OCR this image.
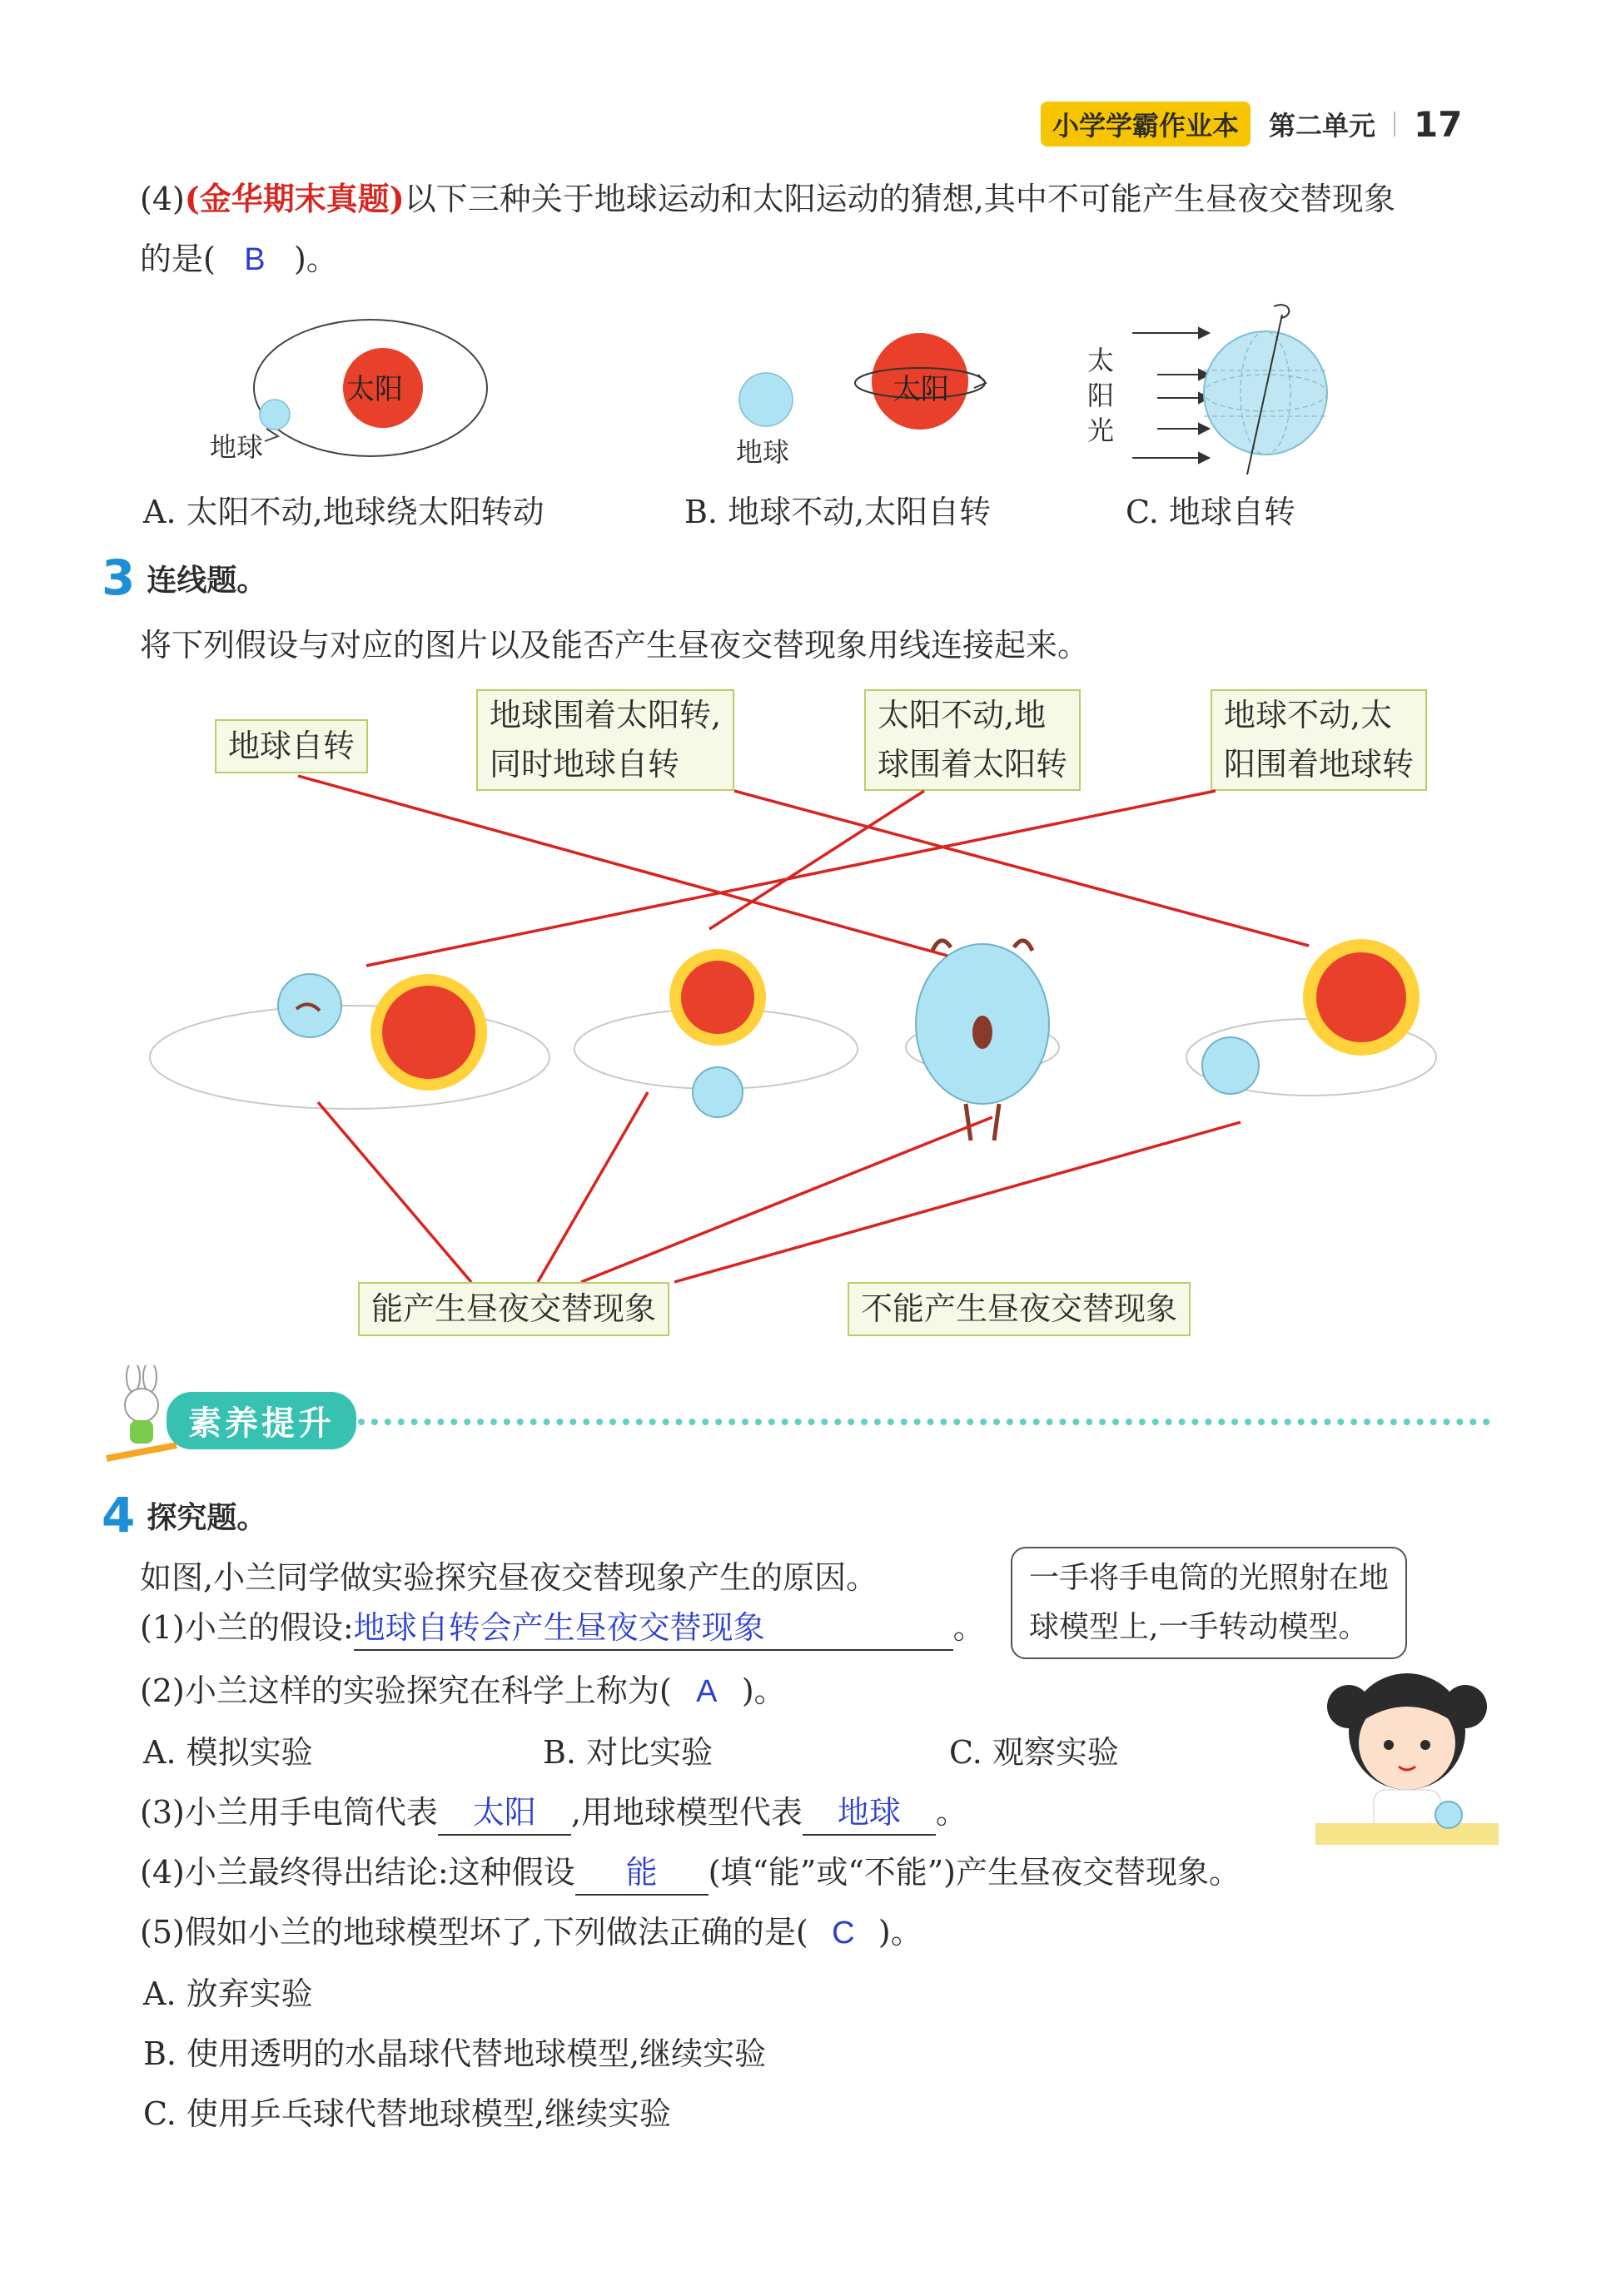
小学学霸作业本	第二单元 17
(4)(金华期末真题)以下三种关于地球运动和太阳运动的猜想,其中不可能产生昼夜交替现象
的是( B )。
太阳
地球
太阳
地球
太
阳
光
A. 太阳不动,地球绕太阳转动	B. 地球不动,太阳自转	C. 地球自转
3 连线题。
将下列假设与对应的图片以及能否产生昼夜交替现象用线连接起来。
地球自转
地球围着太阳转,
同时地球自转
太阳不动,地
球围着太阳转
地球不动,太
阳围着地球转
能产生昼夜交替现象	不能产生昼夜交替现象
素养提升
4 探究题。
如图,小兰同学做实验探究昼夜交替现象产生的原因。	一手将手电筒的光照射在地
球模型上,一手转动模型。
(1)小兰的假设:地球自转会产生昼夜交替现象	。
(2)小兰这样的实验探究在科学上称为( A )。
A. 模拟实验	B. 对比实验	C. 观察实验
(3)小兰用手电筒代表 太阳 ,用地球模型代表 地球 。
(4)小兰最终得出结论:这种假设 能 (填“能”或“不能”)产生昼夜交替现象。
(5)假如小兰的地球模型坏了,下列做法正确的是( C )。
A. 放弃实验
B. 使用透明的水晶球代替地球模型,继续实验
C. 使用乒乓球代替地球模型,继续实验
